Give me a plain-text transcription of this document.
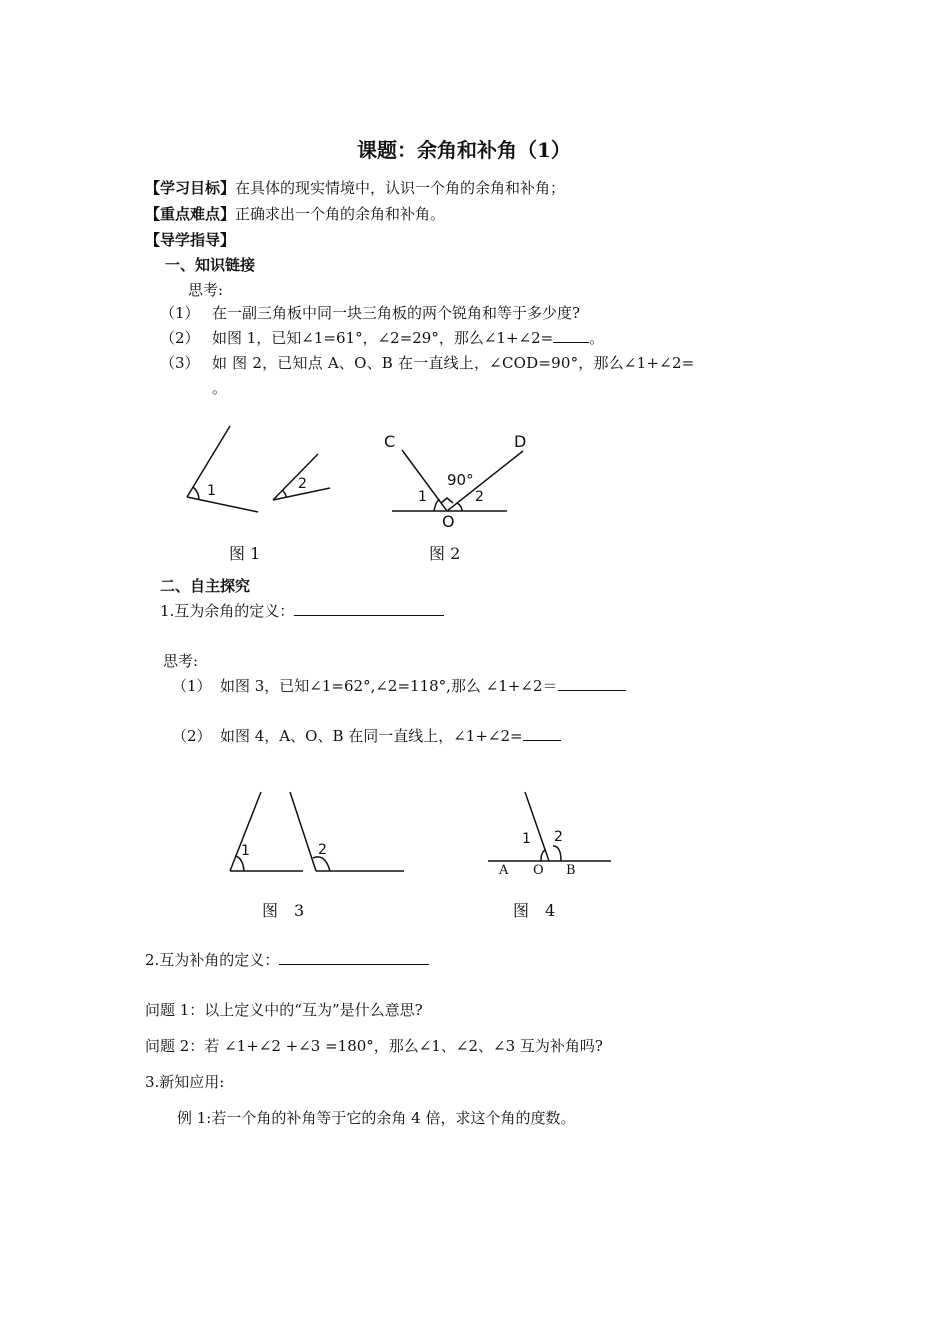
课题：余角和补角（1）
【学习目标】在具体的现实情境中，认识一个角的余角和补角；
【重点难点】正确求出一个角的余角和补角。
【导学指导】
一、知识链接
思考:
（1） 在一副三角板中同一块三角板的两个锐角和等于多少度?
（2） 如图 1，已知∠1=61°，∠2=29°，那么∠1+∠2= 。
（3） 如 图 2，已知点 A、O、B 在一直线上，∠COD=90°，那么∠1+∠2=
。
1	2
C	D
90°
1	2
O
图 1	图 2
二、自主探究
1.互为余角的定义：
思考:
（1） 如图 3，已知∠1=62°,∠2=118°,那么 ∠1+∠2＝
（2） 如图 4，A、O、B 在同一直线上，∠1+∠2=
1	2
1 2
A O B
图　3	图　4
2.互为补角的定义：
问题 1：以上定义中的“互为”是什么意思?
问题 2：若 ∠1+∠2 +∠3 =180°，那么∠1、∠2、∠3 互为补角吗?
3.新知应用:
例 1:若一个角的补角等于它的余角 4 倍，求这个角的度数。
